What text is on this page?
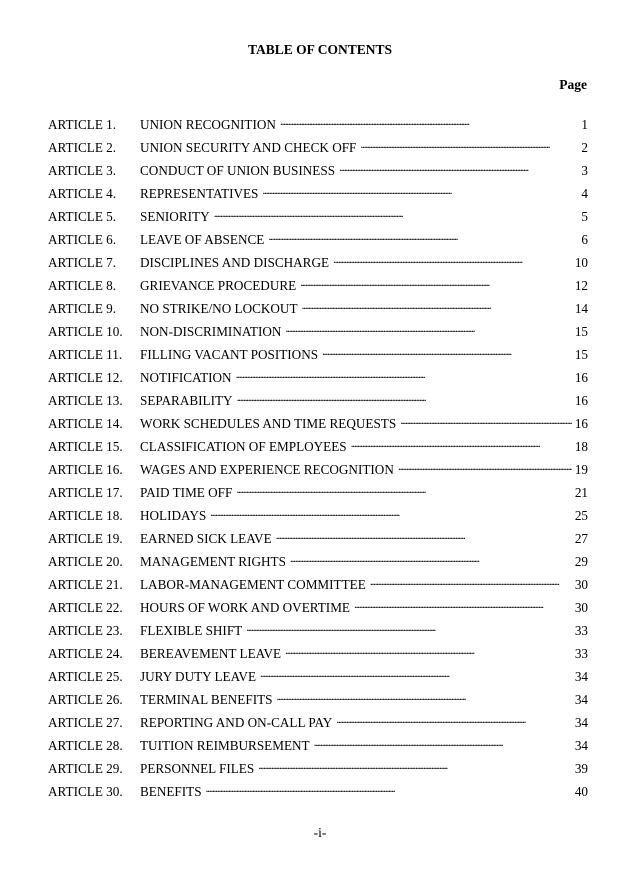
TABLE OF CONTENTS
Page
ARTICLE 1.	UNION RECOGNITION . . .	1
ARTICLE 2.	UNION SECURITY AND CHECK OFF . . .	2
ARTICLE 3.	CONDUCT OF UNION BUSINESS . . .	3
ARTICLE 4.	REPRESENTATIVES . . .	4
ARTICLE 5.	SENIORITY . . .	5
ARTICLE 6.	LEAVE OF ABSENCE . . .	6
ARTICLE 7.	DISCIPLINES AND DISCHARGE . . .	10
ARTICLE 8.	GRIEVANCE PROCEDURE . . .	12
ARTICLE 9.	NO STRIKE/NO LOCKOUT . . .	14
ARTICLE 10.	NON-DISCRIMINATION . . .	15
ARTICLE 11.	FILLING VACANT POSITIONS . . .	15
ARTICLE 12.	NOTIFICATION . . .	16
ARTICLE 13.	SEPARABILITY . . .	16
ARTICLE 14.	WORK SCHEDULES AND TIME REQUESTS . . .	16
ARTICLE 15.	CLASSIFICATION OF EMPLOYEES . . .	18
ARTICLE 16.	WAGES AND EXPERIENCE RECOGNITION . . .	19
ARTICLE 17.	PAID TIME OFF . . .	21
ARTICLE 18.	HOLIDAYS . . .	25
ARTICLE 19.	EARNED SICK LEAVE . . .	27
ARTICLE 20.	MANAGEMENT RIGHTS . . .	29
ARTICLE 21.	LABOR-MANAGEMENT COMMITTEE . . .	30
ARTICLE 22.	HOURS OF WORK AND OVERTIME . . .	30
ARTICLE 23.	FLEXIBLE SHIFT . . .	33
ARTICLE 24.	BEREAVEMENT LEAVE . . .	33
ARTICLE 25.	JURY DUTY LEAVE . . .	34
ARTICLE 26.	TERMINAL BENEFITS . . .	34
ARTICLE 27.	REPORTING AND ON-CALL PAY . . .	34
ARTICLE 28.	TUITION REIMBURSEMENT . . .	34
ARTICLE 29.	PERSONNEL FILES . . .	39
ARTICLE 30.	BENEFITS . . .	40
-i-
